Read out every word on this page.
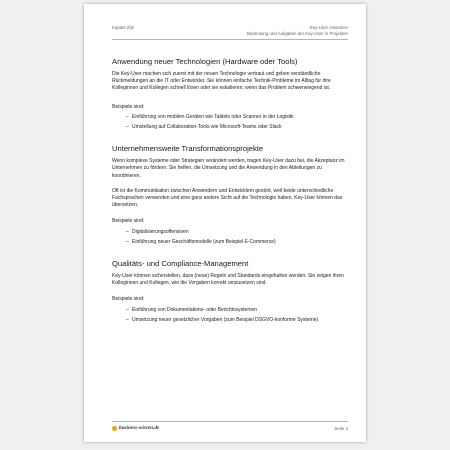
Kapitel 2§5	Key-User einsetzen
Bedeutung und Aufgaben der Key-User in Projekten
Anwendung neuer Technologien (Hardware oder Tools)

Die Key-User machen sich zuerst mit der neuen Technologie vertraut und geben verständliche Rückmeldungen an die IT oder Entwickler. Sie können einfache Technik-Probleme im Alltag für ihre Kolleginnen und Kollegen schnell lösen oder sie eskalieren, wenn das Problem schwerwiegend ist.

Beispiele sind:

– Einführung von mobilen Geräten wie Tablets oder Scanner in der Logistik
– Umstellung auf Collaboration-Tools wie Microsoft-Teams oder Slack
Unternehmensweite Transformationsprojekte

Wenn komplexe Systeme oder Strategien verändert werden, tragen Key-User dazu bei, die Akzeptanz im Unternehmen zu fördern. Sie helfen, die Umsetzung und die Anwendung in den Abteilungen zu koordinieren.

Oft ist die Kommunikation zwischen Anwendern und Entwicklern gestört, weil beide unterschiedliche Fachsprachen verwenden und eine ganz andere Sicht auf die Technologie haben. Key-User können das übersetzen.

Beispiele sind:

– Digitalisierungsoffensiven
– Einführung neuer Geschäftsmodelle (zum Beispiel E-Commerce)
Qualitäts- und Compliance-Management

Key-User können sicherstellen, dass (neue) Regeln und Standards eingehalten werden. Sie zeigen ihren Kolleginnen und Kollegen, wie die Vorgaben korrekt umzusetzen sind.

Beispiele sind:

– Einführung von Dokumentations- oder Berichtssystemen
– Umsetzung neuer gesetzlicher Vorgaben (zum Beispiel DSGVO-konforme Systeme)
business-wissen.de	Seite 4
